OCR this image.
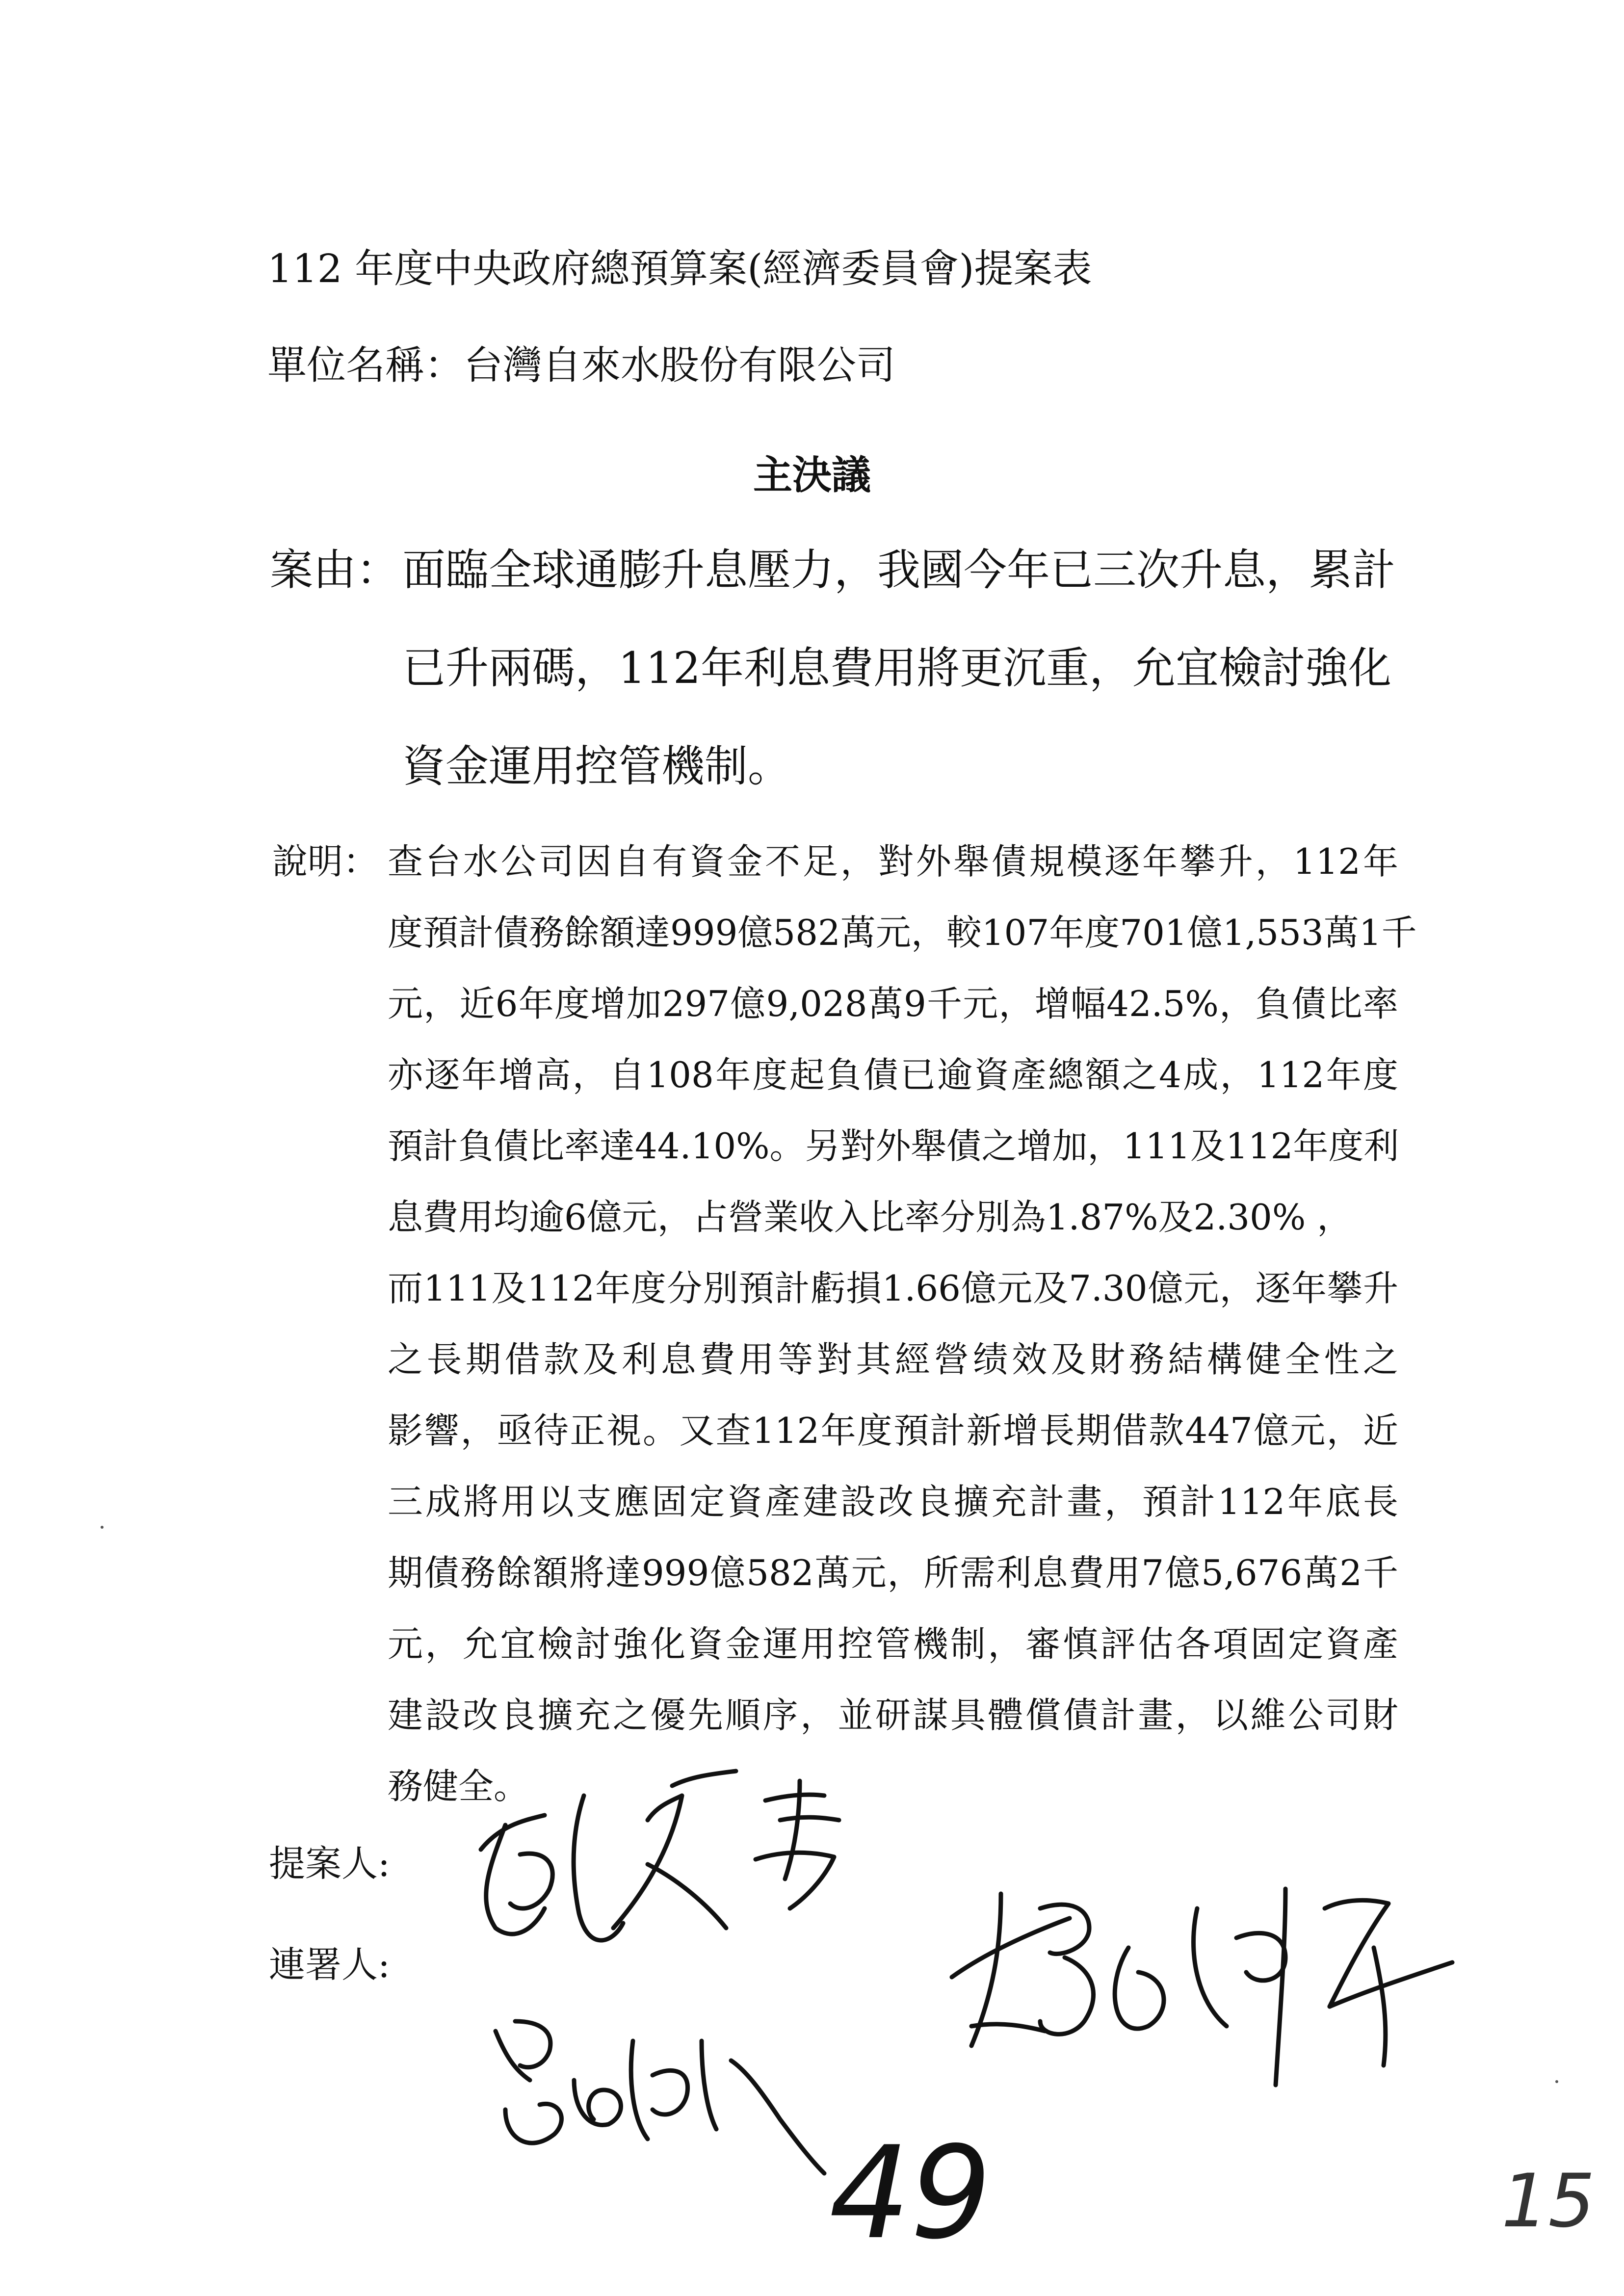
112 年度中央政府總預算案(經濟委員會)提案表
單位名稱：台灣自來水股份有限公司
主決議
案由： 面臨全球通膨升息壓力，我國今年已三次升息，累計
已升兩碼，112年利息費用將更沉重，允宜檢討強化
資金運用控管機制。
說明： 查台水公司因自有資金不足，對外舉債規模逐年攀升，112年
度預計債務餘額達999億582萬元，較107年度701億1,553萬1千
元，近6年度增加297億9,028萬9千元，增幅42.5%，負債比率
亦逐年增高，自108年度起負債已逾資產總額之4成，112年度
預計負債比率達44.10%。另對外舉債之增加，111及112年度利
息費用均逾6億元，占營業收入比率分別為1.87%及2.30% ，
而111及112年度分別預計虧損1.66億元及7.30億元，逐年攀升
之長期借款及利息費用等對其經營绩效及財務結構健全性之
影響，亟待正視。又查112年度預計新增長期借款447億元，近
三成將用以支應固定資產建設改良擴充計畫，預計112年底長
期債務餘額將達999億582萬元，所需利息費用7億5,676萬2千
元，允宜檢討強化資金運用控管機制，審慎評估各項固定資產
建設改良擴充之優先順序，並研謀具體償債計畫，以維公司財
務健全。
提案人:
連署人:
49	15
